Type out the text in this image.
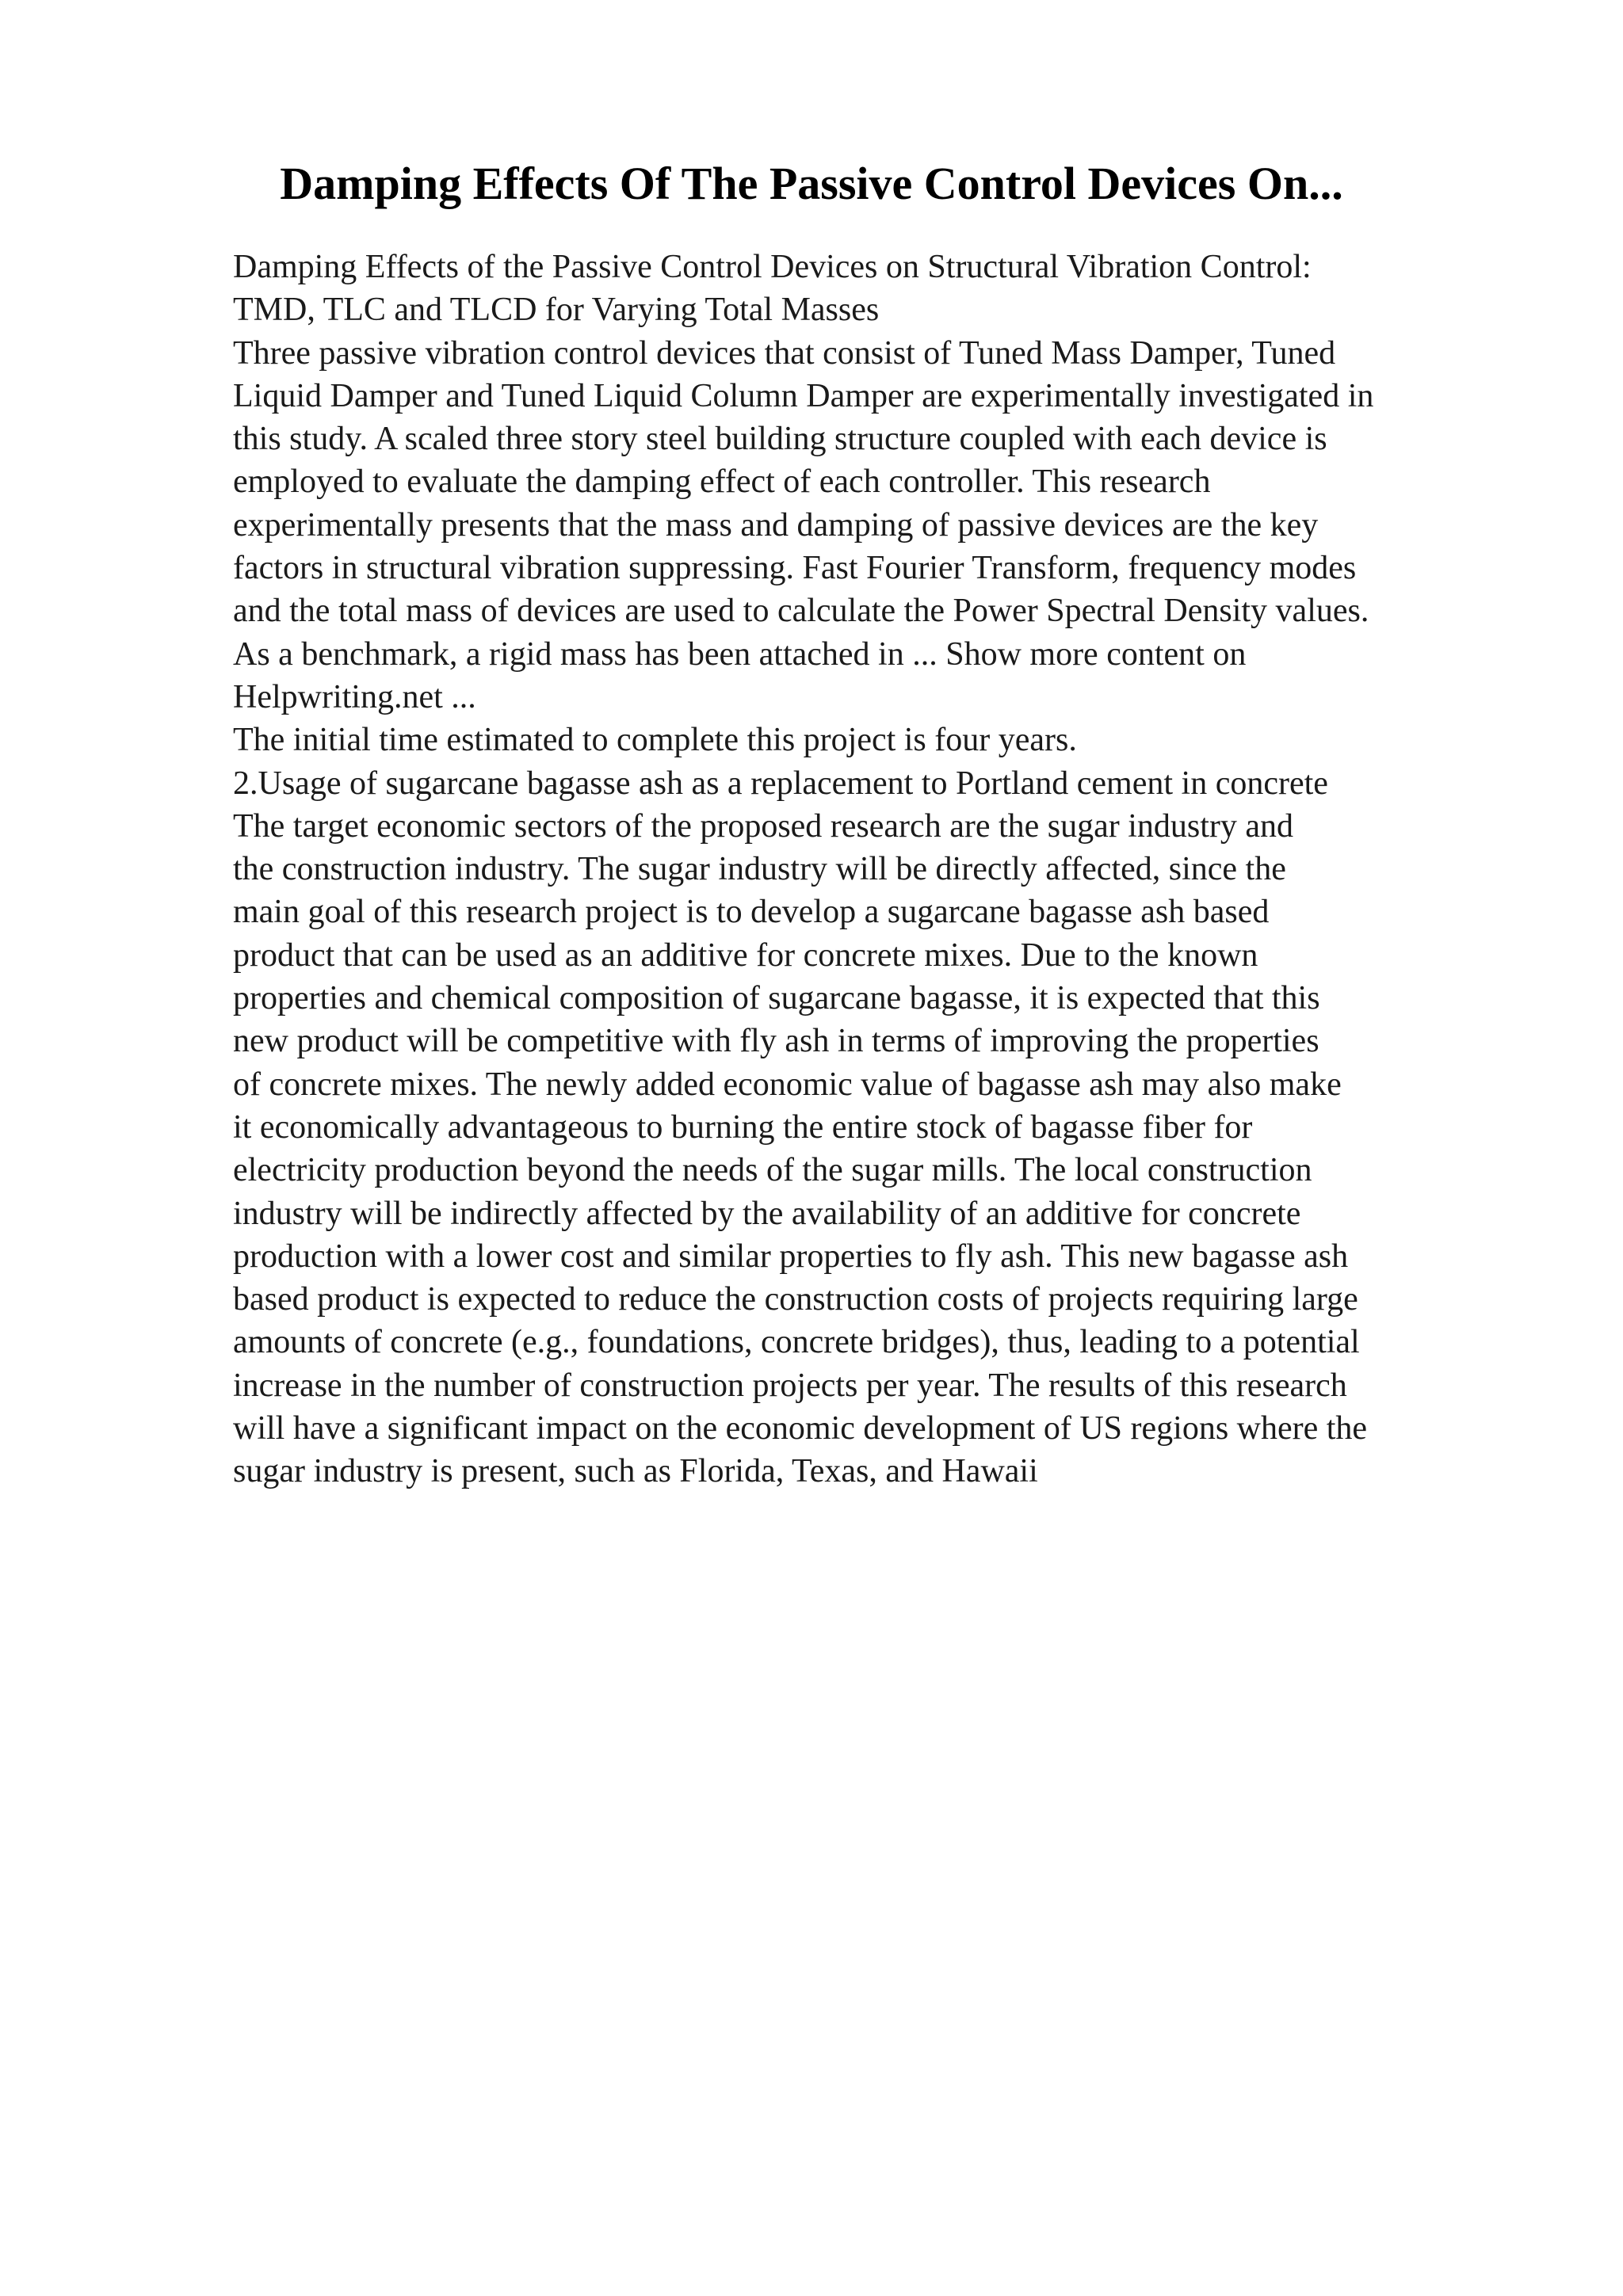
Damping Effects Of The Passive Control Devices On...
Damping Effects of the Passive Control Devices on Structural Vibration Control:
TMD, TLC and TLCD for Varying Total Masses
Three passive vibration control devices that consist of Tuned Mass Damper, Tuned
Liquid Damper and Tuned Liquid Column Damper are experimentally investigated in
this study. A scaled three story steel building structure coupled with each device is
employed to evaluate the damping effect of each controller. This research
experimentally presents that the mass and damping of passive devices are the key
factors in structural vibration suppressing. Fast Fourier Transform, frequency modes
and the total mass of devices are used to calculate the Power Spectral Density values.
As a benchmark, a rigid mass has been attached in ... Show more content on
Helpwriting.net ...
The initial time estimated to complete this project is four years.
2.Usage of sugarcane bagasse ash as a replacement to Portland cement in concrete
The target economic sectors of the proposed research are the sugar industry and
the construction industry. The sugar industry will be directly affected, since the
main goal of this research project is to develop a sugarcane bagasse ash based
product that can be used as an additive for concrete mixes. Due to the known
properties and chemical composition of sugarcane bagasse, it is expected that this
new product will be competitive with fly ash in terms of improving the properties
of concrete mixes. The newly added economic value of bagasse ash may also make
it economically advantageous to burning the entire stock of bagasse fiber for
electricity production beyond the needs of the sugar mills. The local construction
industry will be indirectly affected by the availability of an additive for concrete
production with a lower cost and similar properties to fly ash. This new bagasse ash
based product is expected to reduce the construction costs of projects requiring large
amounts of concrete (e.g., foundations, concrete bridges), thus, leading to a potential
increase in the number of construction projects per year. The results of this research
will have a significant impact on the economic development of US regions where the
sugar industry is present, such as Florida, Texas, and Hawaii
